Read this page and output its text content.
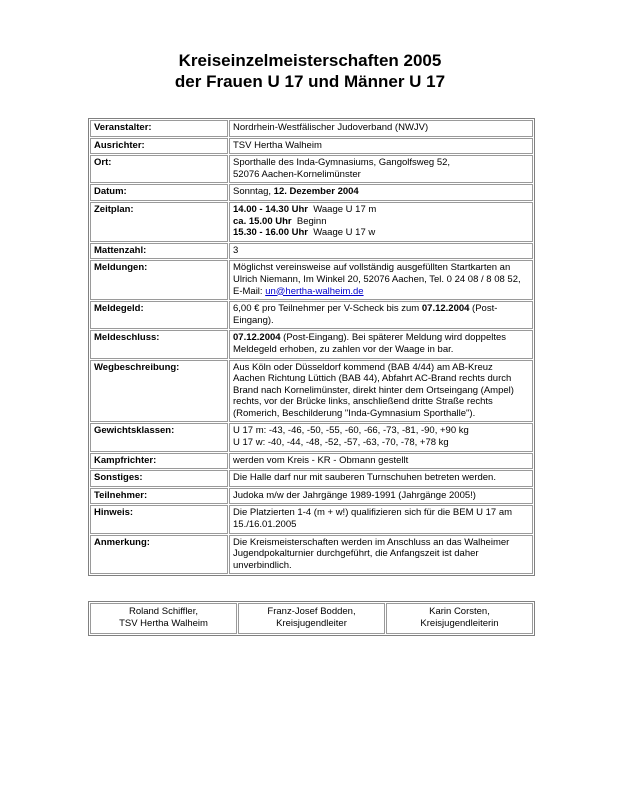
Kreiseinzelmeisterschaften 2005
der Frauen U 17 und Männer U 17
Veranstalter:	Nordrhein-Westfälischer Judoverband (NWJV)
Ausrichter:	TSV Hertha Walheim
Ort:	Sporthalle des Inda-Gymnasiums, Gangolfsweg 52,
52076 Aachen-Kornelimünster

Datum:	Sonntag, 12. Dezember 2004
Zeitplan:	14.00 - 14.30 Uhr Waage U 17 m
ca. 15.00 Uhr Beginn
15.30 - 16.00 Uhr Waage U 17 w

Mattenzahl:	3
Meldungen:	Möglichst vereinsweise auf vollständig ausgefüllten Startkarten an
Ulrich Niemann, Im Winkel 20, 52076 Aachen, Tel. 0 24 08 / 8 08 52,
E-Mail: un@hertha-walheim.de

Meldegeld:	6,00 € pro Teilnehmer per V-Scheck bis zum 07.12.2004 (Post-
Eingang).

Meldeschluss:	07.12.2004 (Post-Eingang). Bei späterer Meldung wird doppeltes
Meldegeld erhoben, zu zahlen vor der Waage in bar.

Wegbeschreibung:	Aus Köln oder Düsseldorf kommend (BAB 4/44) am AB-Kreuz
Aachen Richtung Lüttich (BAB 44), Abfahrt AC-Brand rechts durch
Brand nach Kornelimünster, direkt hinter dem Ortseingang (Ampel)
rechts, vor der Brücke links, anschließend dritte Straße rechts
(Romerich, Beschilderung "Inda-Gymnasium Sporthalle").

Gewichtsklassen:	U 17 m: -43, -46, -50, -55, -60, -66, -73, -81, -90, +90 kg
U 17 w: -40, -44, -48, -52, -57, -63, -70, -78, +78 kg

Kampfrichter:	werden vom Kreis - KR - Obmann gestellt
Sonstiges:	Die Halle darf nur mit sauberen Turnschuhen betreten werden.
Teilnehmer:	Judoka m/w der Jahrgänge 1989-1991 (Jahrgänge 2005!)
Hinweis:	Die Platzierten 1-4 (m + w!) qualifizieren sich für die BEM U 17 am
15./16.01.2005

Anmerkung:	Die Kreismeisterschaften werden im Anschluss an das Walheimer
Jugendpokalturnier durchgeführt, die Anfangszeit ist daher
unverbindlich.
Roland Schiffler,
TSV Hertha Walheim

Franz-Josef Bodden,
Kreisjugendleiter

Karin Corsten,
Kreisjugendleiterin
